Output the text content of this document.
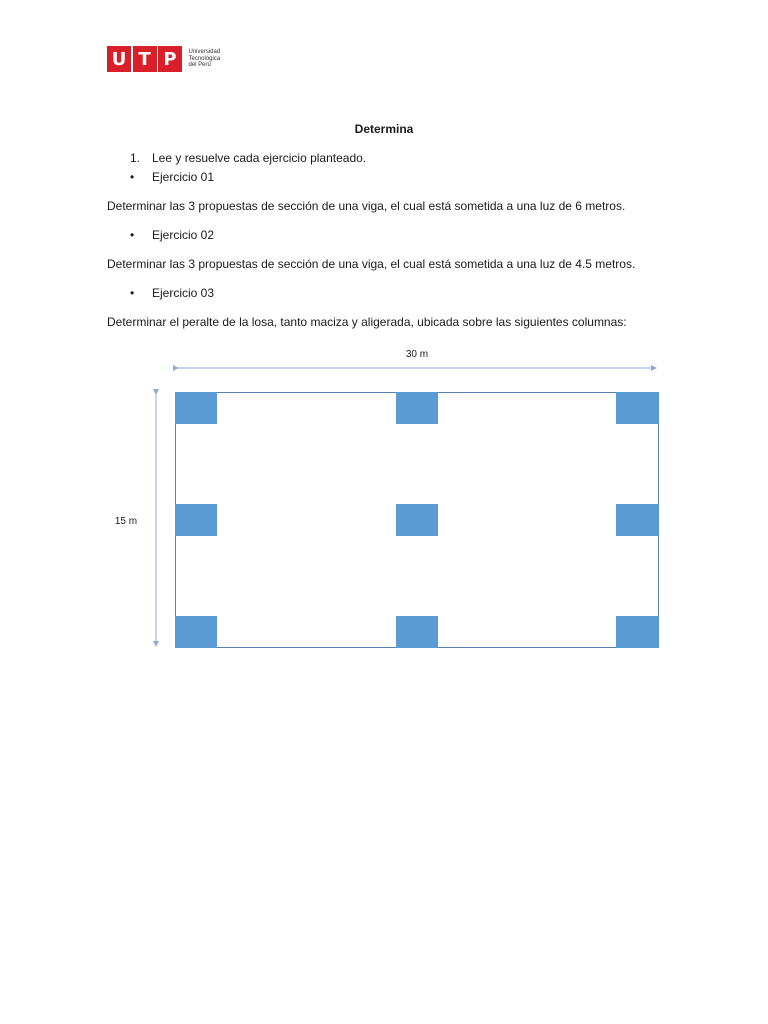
U T P	Universidad
Tecnológica
del Perú
Determina
1. Lee y resuelve cada ejercicio planteado.
• Ejercicio 01
Determinar las 3 propuestas de sección de una viga, el cual está sometida a una luz de 6 metros.
• Ejercicio 02
Determinar las 3 propuestas de sección de una viga, el cual está sometida a una luz de 4.5 metros.
• Ejercicio 03
Determinar el peralte de la losa, tanto maciza y aligerada, ubicada sobre las siguientes columnas:
30 m
15 m
